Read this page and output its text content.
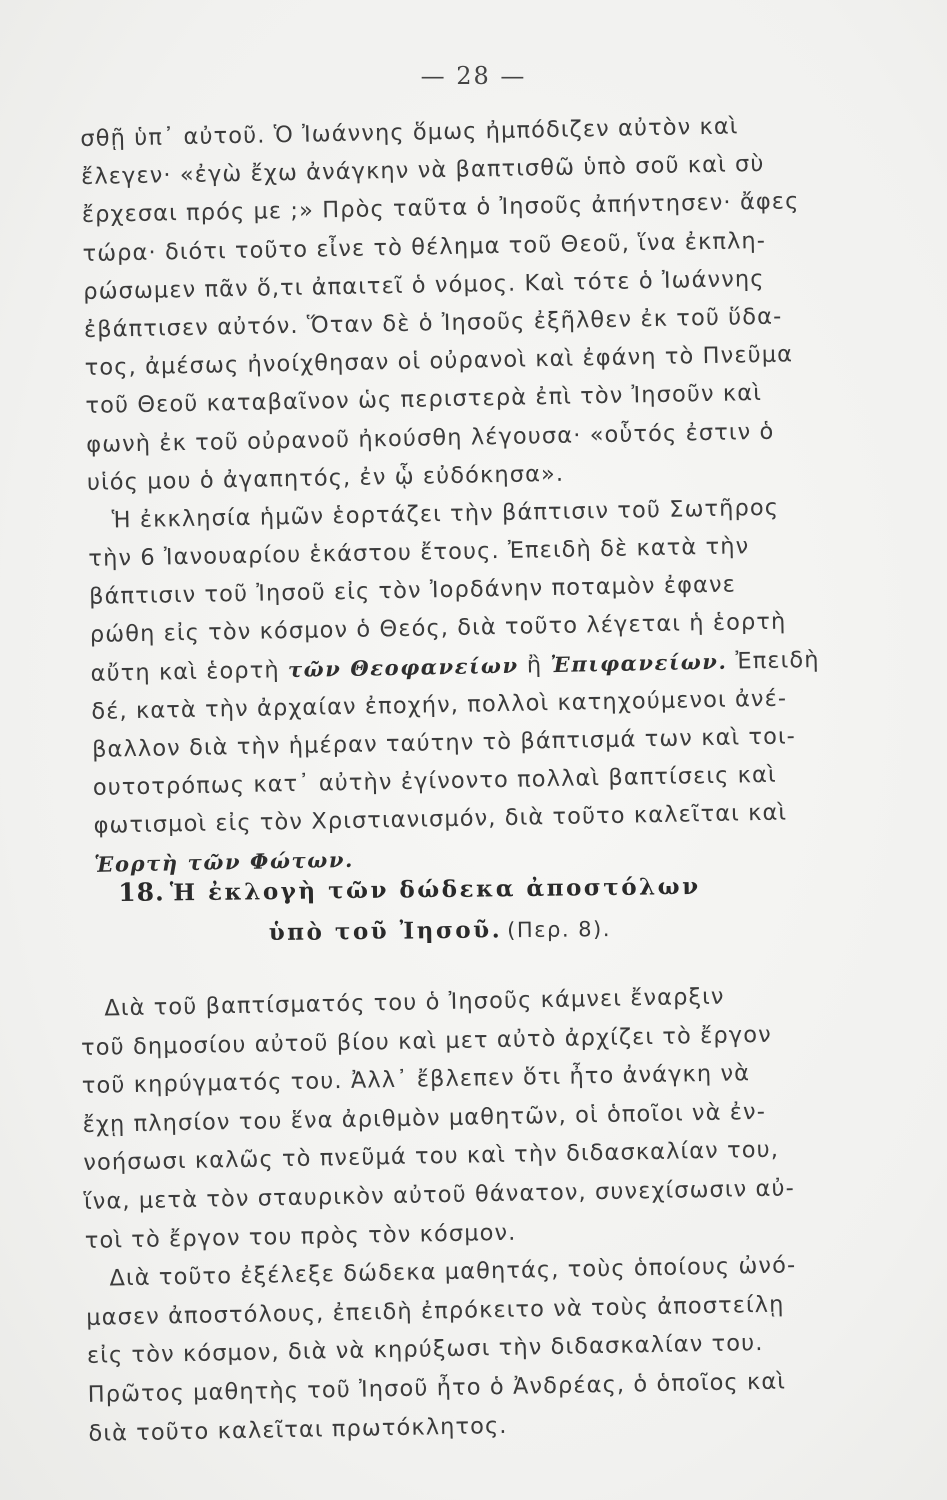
— 28 —
σθῇ ὑπ᾽ αὐτοῦ. Ὁ Ἰωάννης ὅμως ἠμπόδιζεν αὐτὸν καὶ
ἔλεγεν· «ἐγὼ ἔχω ἀνάγκην νὰ βαπτισθῶ ὑπὸ σοῦ καὶ σὺ
ἔρχεσαι πρός με ;» Πρὸς ταῦτα ὁ Ἰησοῦς ἀπήντησεν· ἄφες
τώρα· διότι τοῦτο εἶνε τὸ θέλημα τοῦ Θεοῦ, ἵνα ἐκπλη-
ρώσωμεν πᾶν ὅ,τι ἀπαιτεῖ ὁ νόμος. Καὶ τότε ὁ Ἰωάννης
ἐβάπτισεν αὐτόν. Ὅταν δὲ ὁ Ἰησοῦς ἐξῆλθεν ἐκ τοῦ ὕδα-
τος, ἀμέσως ἠνοίχθησαν οἱ οὐρανοὶ καὶ ἐφάνη τὸ Πνεῦμα
τοῦ Θεοῦ καταβαῖνον ὡς περιστερὰ ἐπὶ τὸν Ἰησοῦν καὶ
φωνὴ ἐκ τοῦ οὐρανοῦ ἠκούσθη λέγουσα· «οὗτός ἐστιν ὁ
υἱός μου ὁ ἀγαπητός, ἐν ᾧ εὐδόκησα».
Ἡ ἐκκλησία ἡμῶν ἑορτάζει τὴν βάπτισιν τοῦ Σωτῆρος
τὴν 6 Ἰανουαρίου ἑκάστου ἔτους. Ἐπειδὴ δὲ κατὰ τὴν
βάπτισιν τοῦ Ἰησοῦ εἰς τὸν Ἰορδάνην ποταμὸν ἐφανε
ρώθη εἰς τὸν κόσμον ὁ Θεός, διὰ τοῦτο λέγεται ἡ ἑορτὴ
αὔτη καὶ ἑορτὴ τῶν Θεοφανείων ἢ Ἐπιφανείων. Ἐπειδὴ
δέ, κατὰ τὴν ἀρχαίαν ἐποχήν, πολλοὶ κατηχούμενοι ἀνέ-
βαλλον διὰ τὴν ἡμέραν ταύτην τὸ βάπτισμά των καὶ τοι-
ουτοτρόπως κατ᾽ αὐτὴν ἐγίνοντο πολλαὶ βαπτίσεις καὶ
φωτισμοὶ εἰς τὸν Χριστιανισμόν, διὰ τοῦτο καλεῖται καὶ
Ἑορτὴ τῶν Φώτων.
18. Ἡ ἐκλογὴ τῶν δώδεκα ἀποστόλων
ὑπὸ τοῦ Ἰησοῦ. (Περ. 8).
Διὰ τοῦ βαπτίσματός του ὁ Ἰησοῦς κάμνει ἔναρξιν
τοῦ δημοσίου αὐτοῦ βίου καὶ μετ αὐτὸ ἀρχίζει τὸ ἔργον
τοῦ κηρύγματός του. Ἀλλ᾽ ἔβλεπεν ὅτι ἦτο ἀνάγκη νὰ
ἔχῃ πλησίον του ἕνα ἀριθμὸν μαθητῶν, οἱ ὁποῖοι νὰ ἐν-
νοήσωσι καλῶς τὸ πνεῦμά του καὶ τὴν διδασκαλίαν του,
ἵνα, μετὰ τὸν σταυρικὸν αὐτοῦ θάνατον, συνεχίσωσιν αὐ-
τοὶ τὸ ἔργον του πρὸς τὸν κόσμον.
Διὰ τοῦτο ἐξέλεξε δώδεκα μαθητάς, τοὺς ὁποίους ὠνό-
μασεν ἀποστόλους, ἐπειδὴ ἐπρόκειτο νὰ τοὺς ἀποστείλῃ
εἰς τὸν κόσμον, διὰ νὰ κηρύξωσι τὴν διδασκαλίαν του.
Πρῶτος μαθητὴς τοῦ Ἰησοῦ ἦτο ὁ Ἀνδρέας, ὁ ὁποῖος καὶ
διὰ τοῦτο καλεῖται πρωτόκλητος.
